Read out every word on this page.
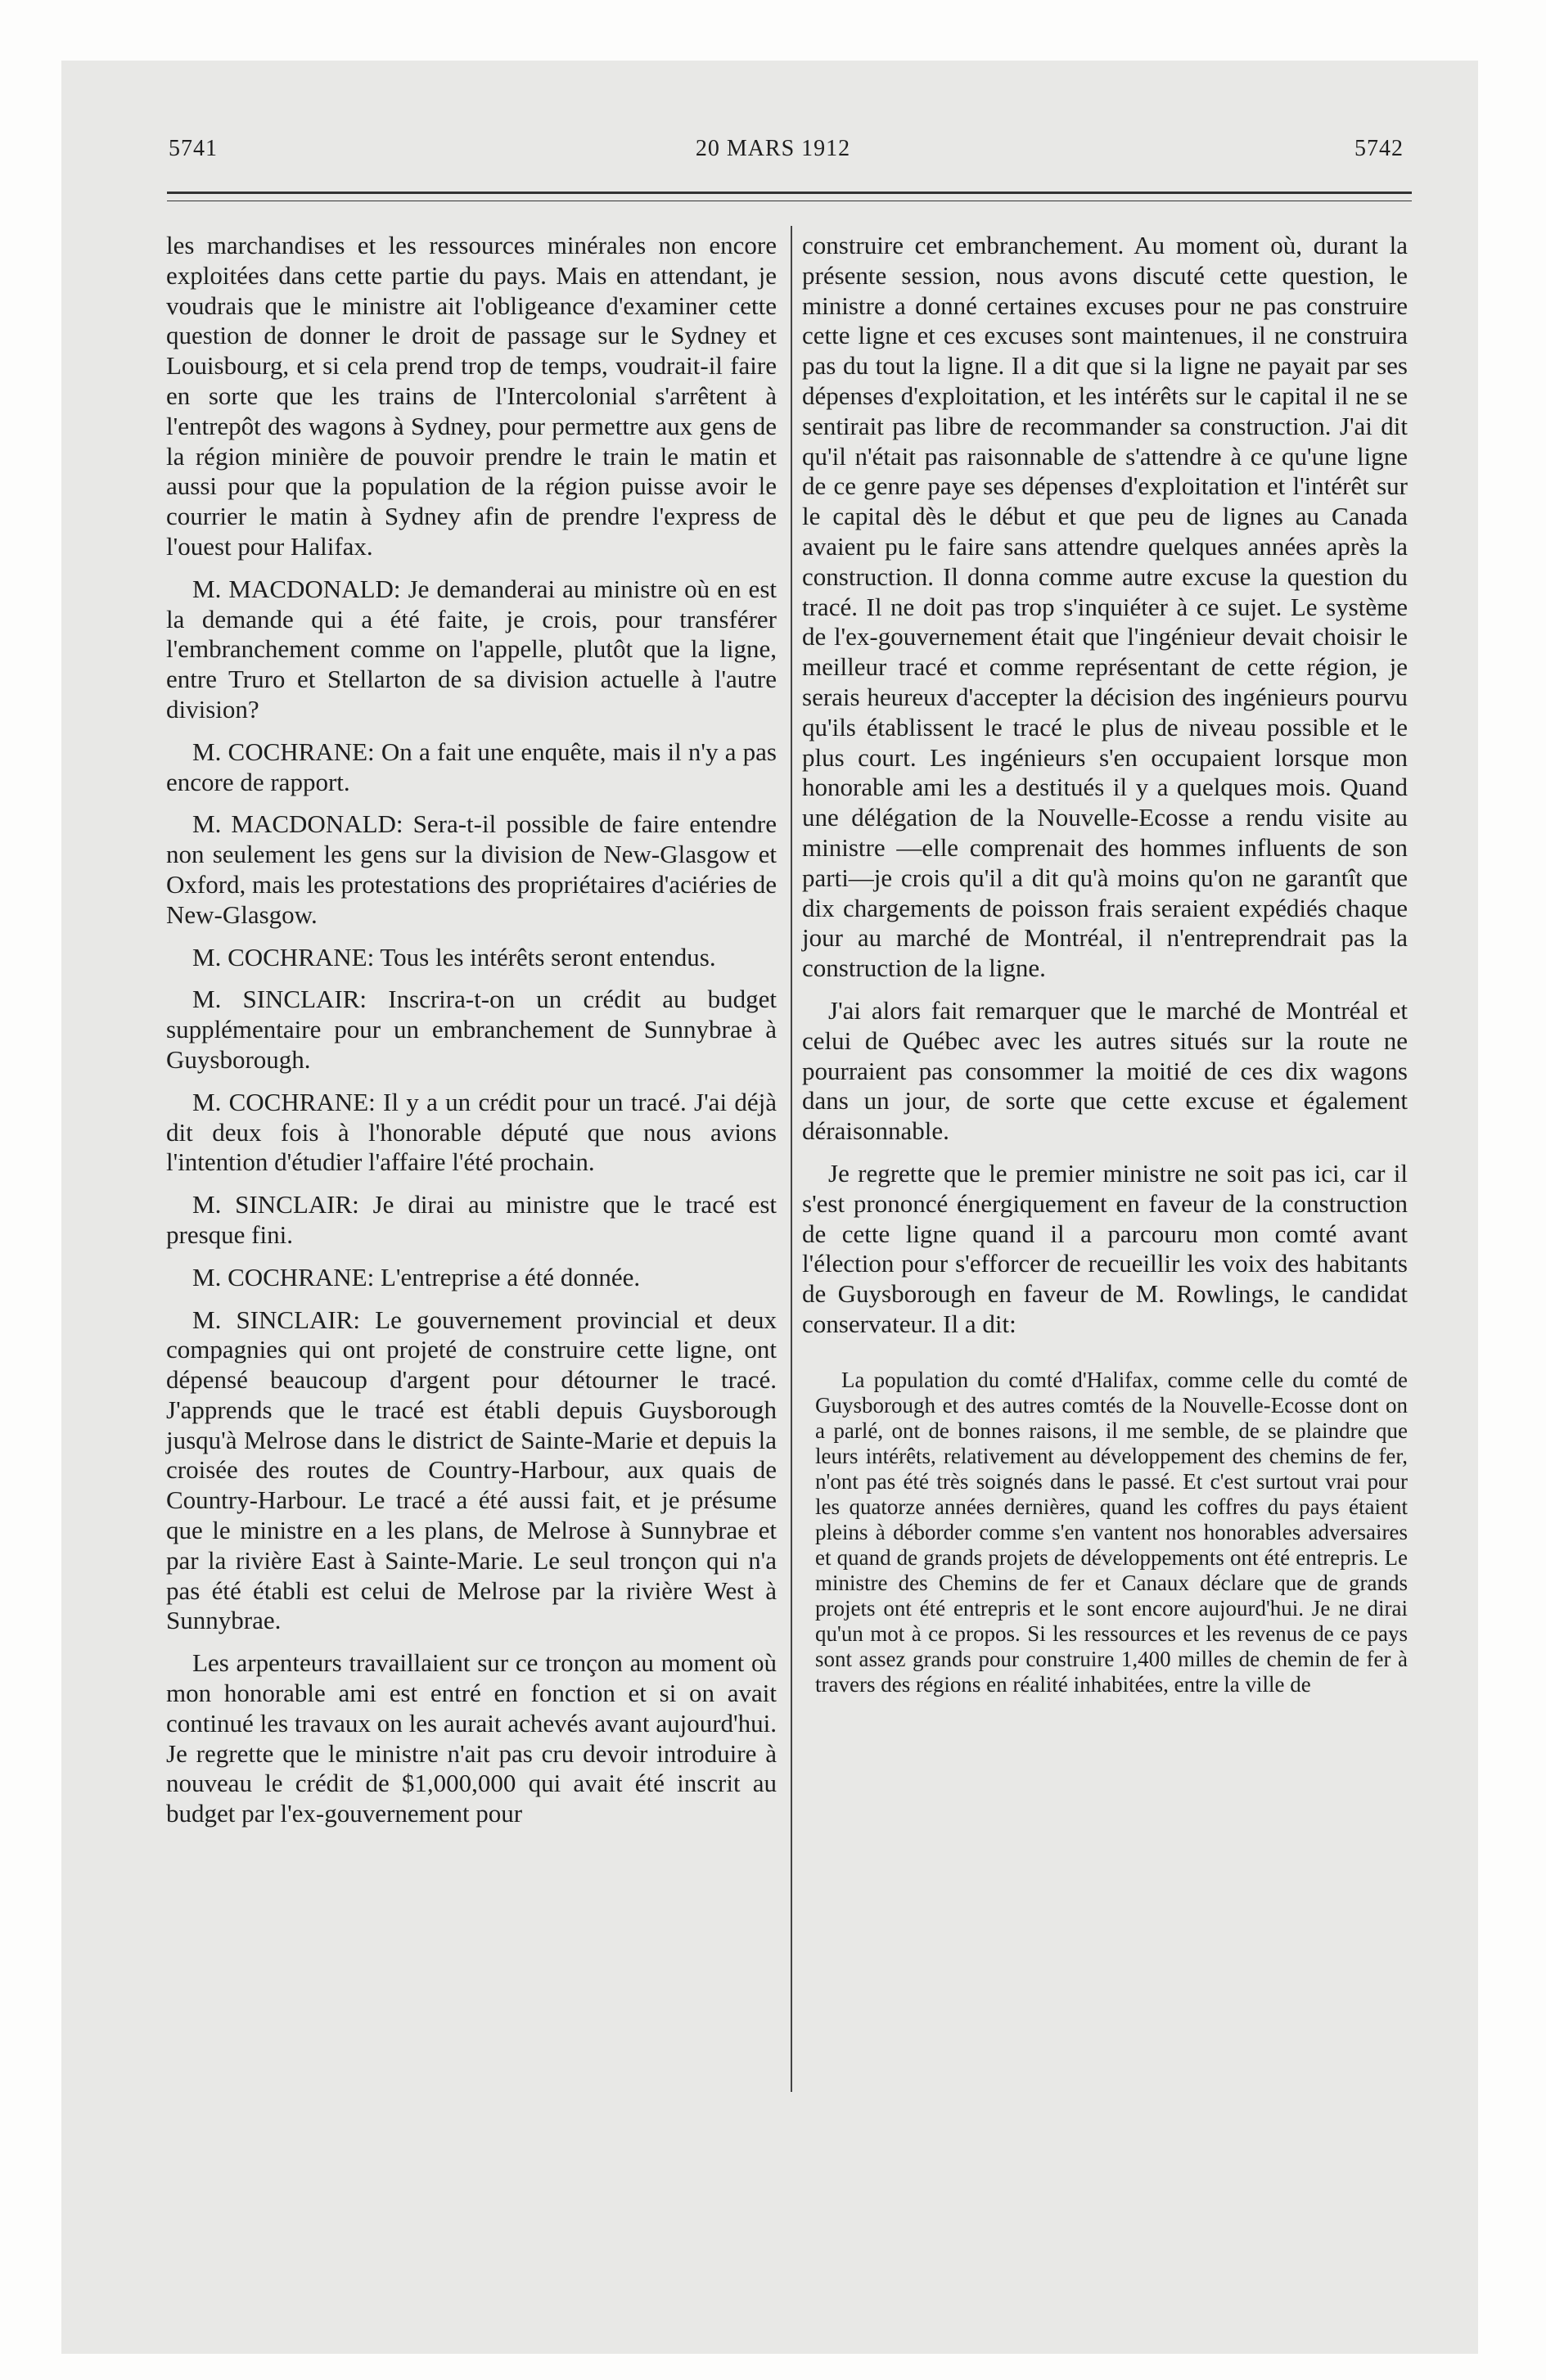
5741	20 MARS 1912	5742

les marchandises et les ressources minérales non encore exploitées dans cette partie du pays. Mais en attendant, je voudrais que le ministre ait l'obligeance d'examiner cette question de donner le droit de passage sur le Sydney et Louisbourg, et si cela prend trop de temps, voudrait-il faire en sorte que les trains de l'Intercolonial s'arrêtent à l'entrepôt des wagons à Sydney, pour permettre aux gens de la région minière de pouvoir prendre le train le matin et aussi pour que la population de la région puisse avoir le courrier le matin à Sydney afin de prendre l'express de l'ouest pour Halifax.

M. MACDONALD: Je demanderai au ministre où en est la demande qui a été faite, je crois, pour transférer l'embranchement comme on l'appelle, plutôt que la ligne, entre Truro et Stellarton de sa division actuelle à l'autre division?

M. COCHRANE: On a fait une enquête, mais il n'y a pas encore de rapport.

M. MACDONALD: Sera-t-il possible de faire entendre non seulement les gens sur la division de New-Glasgow et Oxford, mais les protestations des propriétaires d'aciéries de New-Glasgow.

M. COCHRANE: Tous les intérêts seront entendus.

M. SINCLAIR: Inscrira-t-on un crédit au budget supplémentaire pour un embranchement de Sunnybrae à Guysborough.

M. COCHRANE: Il y a un crédit pour un tracé. J'ai déjà dit deux fois à l'honorable député que nous avions l'intention d'étudier l'affaire l'été prochain.

M. SINCLAIR: Je dirai au ministre que le tracé est presque fini.

M. COCHRANE: L'entreprise a été donnée.

M. SINCLAIR: Le gouvernement provincial et deux compagnies qui ont projeté de construire cette ligne, ont dépensé beaucoup d'argent pour détourner le tracé. J'apprends que le tracé est établi depuis Guysborough jusqu'à Melrose dans le district de Sainte-Marie et depuis la croisée des routes de Country-Harbour, aux quais de Country-Harbour. Le tracé a été aussi fait, et je présume que le ministre en a les plans, de Melrose à Sunnybrae et par la rivière East à Sainte-Marie. Le seul tronçon qui n'a pas été établi est celui de Melrose par la rivière West à Sunnybrae.

Les arpenteurs travaillaient sur ce tronçon au moment où mon honorable ami est entré en fonction et si on avait continué les travaux on les aurait achevés avant aujourd'hui. Je regrette que le ministre n'ait pas cru devoir introduire à nouveau le crédit de $1,000,000 qui avait été inscrit au budget par l'ex-gouvernement pour

construire cet embranchement. Au moment où, durant la présente session, nous avons discuté cette question, le ministre a donné certaines excuses pour ne pas construire cette ligne et ces excuses sont maintenues, il ne construira pas du tout la ligne. Il a dit que si la ligne ne payait par ses dépenses d'exploitation, et les intérêts sur le capital il ne se sentirait pas libre de recommander sa construction. J'ai dit qu'il n'était pas raisonnable de s'attendre à ce qu'une ligne de ce genre paye ses dépenses d'exploitation et l'intérêt sur le capital dès le début et que peu de lignes au Canada avaient pu le faire sans attendre quelques années après la construction. Il donna comme autre excuse la question du tracé. Il ne doit pas trop s'inquiéter à ce sujet. Le système de l'ex-gouvernement était que l'ingénieur devait choisir le meilleur tracé et comme représentant de cette région, je serais heureux d'accepter la décision des ingénieurs pourvu qu'ils établissent le tracé le plus de niveau possible et le plus court. Les ingénieurs s'en occupaient lorsque mon honorable ami les a destitués il y a quelques mois. Quand une délégation de la Nouvelle-Ecosse a rendu visite au ministre —elle comprenait des hommes influents de son parti—je crois qu'il a dit qu'à moins qu'on ne garantît que dix chargements de poisson frais seraient expédiés chaque jour au marché de Montréal, il n'entreprendrait pas la construction de la ligne.

J'ai alors fait remarquer que le marché de Montréal et celui de Québec avec les autres situés sur la route ne pourraient pas consommer la moitié de ces dix wagons dans un jour, de sorte que cette excuse et également déraisonnable.

Je regrette que le premier ministre ne soit pas ici, car il s'est prononcé énergiquement en faveur de la construction de cette ligne quand il a parcouru mon comté avant l'élection pour s'efforcer de recueillir les voix des habitants de Guysborough en faveur de M. Rowlings, le candidat conservateur. Il a dit:

La population du comté d'Halifax, comme celle du comté de Guysborough et des autres comtés de la Nouvelle-Ecosse dont on a parlé, ont de bonnes raisons, il me semble, de se plaindre que leurs intérêts, relativement au développement des chemins de fer, n'ont pas été très soignés dans le passé. Et c'est surtout vrai pour les quatorze années dernières, quand les coffres du pays étaient pleins à déborder comme s'en vantent nos honorables adversaires et quand de grands projets de développements ont été entrepris. Le ministre des Chemins de fer et Canaux déclare que de grands projets ont été entrepris et le sont encore aujourd'hui. Je ne dirai qu'un mot à ce propos. Si les ressources et les revenus de ce pays sont assez grands pour construire 1,400 milles de chemin de fer à travers des régions en réalité inhabitées, entre la ville de
